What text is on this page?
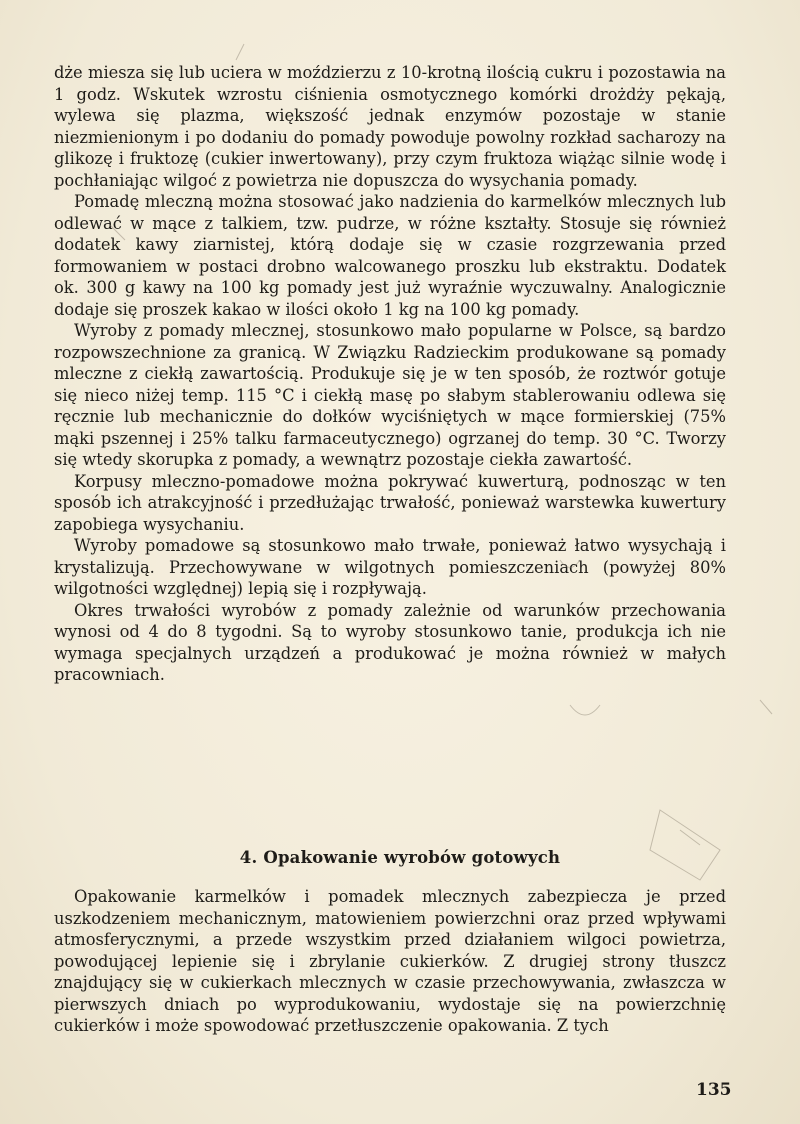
dże miesza się lub uciera w moździerzu z 10-krotną ilością cukru i pozostawia na 1 godz. Wskutek wzrostu ciśnienia osmotycznego komórki drożdży pękają, wylewa się plazma, większość jednak enzymów pozostaje w stanie niezmienionym i po dodaniu do pomady powoduje powolny rozkład sacharozy na glikozę i fruktozę (cukier inwertowany), przy czym fruktoza wiążąc silnie wodę i pochłaniając wilgoć z powietrza nie dopuszcza do wysychania pomady.

Pomadę mleczną można stosować jako nadzienia do karmelków mlecznych lub odlewać w mące z talkiem, tzw. pudrze, w różne kształty. Stosuje się również dodatek kawy ziarnistej, którą dodaje się w czasie rozgrzewania przed formowaniem w postaci drobno walcowanego proszku lub ekstraktu. Dodatek ok. 300 g kawy na 100 kg pomady jest już wyraźnie wyczuwalny. Analogicznie dodaje się proszek kakao w ilości około 1 kg na 100 kg pomady.

Wyroby z pomady mlecznej, stosunkowo mało popularne w Polsce, są bardzo rozpowszechnione za granicą. W Związku Radzieckim produkowane są pomady mleczne z ciekłą zawartością. Produkuje się je w ten sposób, że roztwór gotuje się nieco niżej temp. 115 °C i ciekłą masę po słabym stablerowaniu odlewa się ręcznie lub mechanicznie do dołków wyciśniętych w mące formierskiej (75% mąki pszennej i 25% talku farmaceutycznego) ogrzanej do temp. 30 °C. Tworzy się wtedy skorupka z pomady, a wewnątrz pozostaje ciekła zawartość.

Korpusy mleczno-pomadowe można pokrywać kuwerturą, podnosząc w ten sposób ich atrakcyjność i przedłużając trwałość, ponieważ warstewka kuwertury zapobiega wysychaniu.

Wyroby pomadowe są stosunkowo mało trwałe, ponieważ łatwo wysychają i krystalizują. Przechowywane w wilgotnych pomieszczeniach (powyżej 80% wilgotności względnej) lepią się i rozpływają.

Okres trwałości wyrobów z pomady zależnie od warunków przechowania wynosi od 4 do 8 tygodni. Są to wyroby stosunkowo tanie, produkcja ich nie wymaga specjalnych urządzeń a produkować je można również w małych pracowniach.

4. Opakowanie wyrobów gotowych

Opakowanie karmelków i pomadek mlecznych zabezpiecza je przed uszkodzeniem mechanicznym, matowieniem powierzchni oraz przed wpływami atmosferycznymi, a przede wszystkim przed działaniem wilgoci powietrza, powodującej lepienie się i zbrylanie cukierków. Z drugiej strony tłuszcz znajdujący się w cukierkach mlecznych w czasie przechowywania, zwłaszcza w pierwszych dniach po wyprodukowaniu, wydostaje się na powierzchnię cukierków i może spowodować przetłuszczenie opakowania. Z tych

135
